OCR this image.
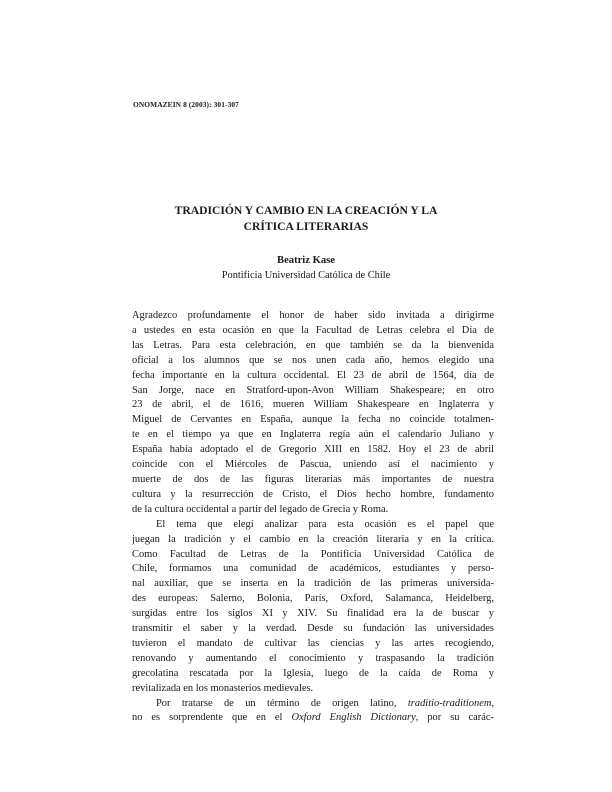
ONOMAZEIN 8 (2003): 301-307
TRADICIÓN Y CAMBIO EN LA CREACIÓN Y LA
CRÍTICA LITERARIAS

Beatriz Kase

Pontificia Universidad Católica de Chile

Agradezco profundamente el honor de haber sido invitada a dirigirme
a ustedes en esta ocasión en que la Facultad de Letras celebra el Día de
las Letras. Para esta celebración, en que también se da la bienvenida
oficial a los alumnos que se nos unen cada año, hemos elegido una
fecha importante en la cultura occidental. El 23 de abril de 1564, día de
San Jorge, nace en Stratford-upon-Avon William Shakespeare; en otro
23 de abril, el de 1616, mueren William Shakespeare en Inglaterra y
Miguel de Cervantes en España, aunque la fecha no coincide totalmen-
te en el tiempo ya que en Inglaterra regía aún el calendario Juliano y
España había adoptado el de Gregorio XIII en 1582. Hoy el 23 de abril
coincide con el Miércoles de Pascua, uniendo así el nacimiento y
muerte de dos de las figuras literarias más importantes de nuestra
cultura y la resurrección de Cristo, el Dios hecho hombre, fundamento
de la cultura occidental a partir del legado de Grecia y Roma.
El tema que elegí analizar para esta ocasión es el papel que
juegan la tradición y el cambio en la creación literaria y en la crítica.
Como Facultad de Letras de la Pontificia Universidad Católica de
Chile, formamos una comunidad de académicos, estudiantes y perso-
nal auxiliar, que se inserta en la tradición de las primeras universida-
des europeas: Salerno, Bolonia, París, Oxford, Salamanca, Heidelberg,
surgidas entre los siglos XI y XIV. Su finalidad era la de buscar y
transmitir el saber y la verdad. Desde su fundación las universidades
tuvieron el mandato de cultivar las ciencias y las artes recogiendo,
renovando y aumentando el conocimiento y traspasando la tradición
grecolatina rescatada por la Iglesia, luego de la caída de Roma y
revitalizada en los monasterios medievales.
Por tratarse de un término de origen latino, traditio-traditionem,
no es sorprendente que en el Oxford English Dictionary, por su carác-
